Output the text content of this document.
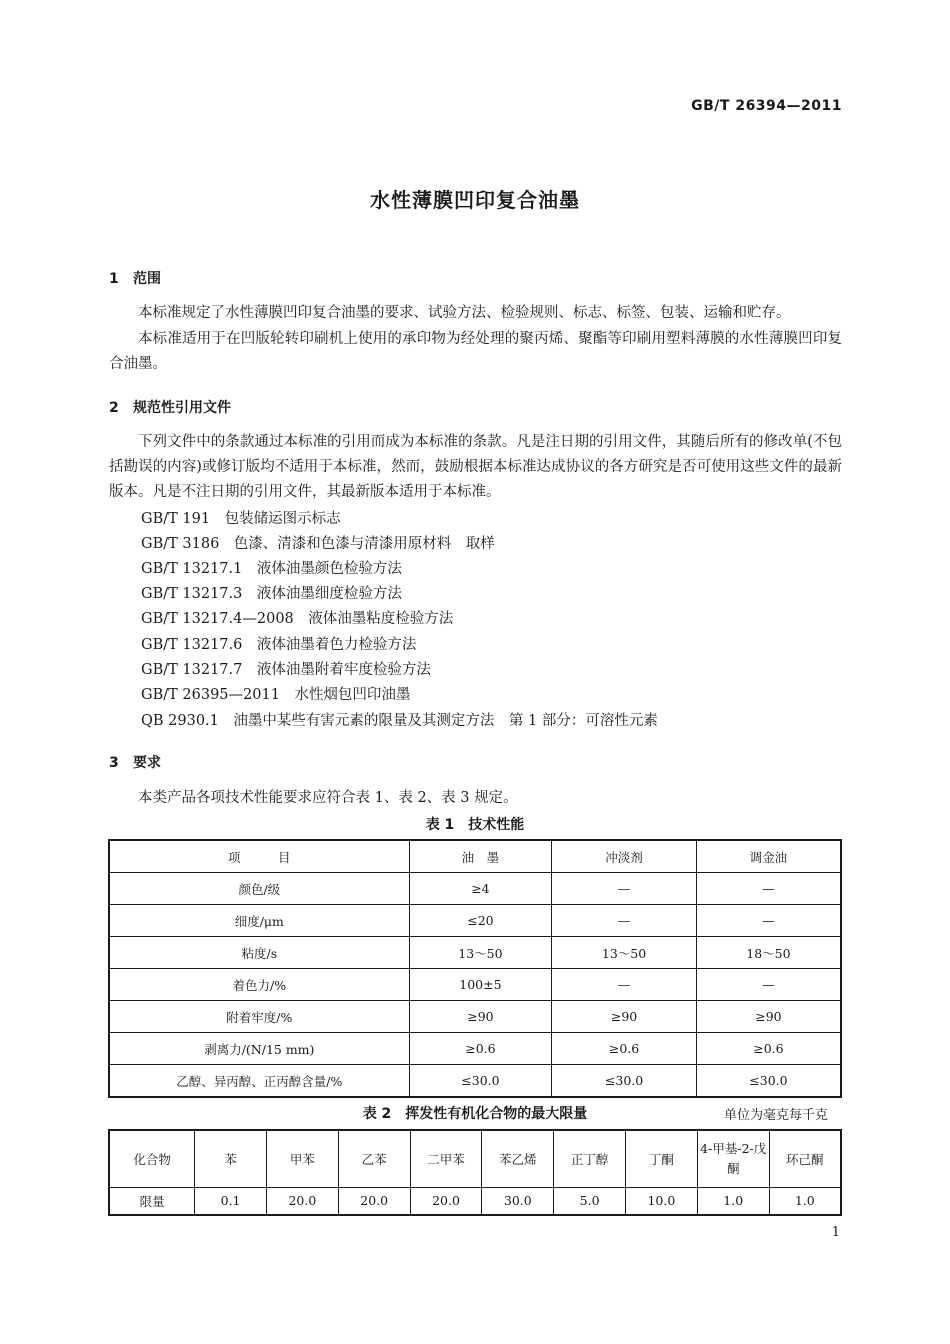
GB/T 26394—2011
水性薄膜凹印复合油墨
1 范围
本标准规定了水性薄膜凹印复合油墨的要求、试验方法、检验规则、标志、标签、包装、运输和贮存。
本标准适用于在凹版轮转印刷机上使用的承印物为经处理的聚丙烯、聚酯等印刷用塑料薄膜的水性薄膜凹印复合油墨。
2 规范性引用文件
下列文件中的条款通过本标准的引用而成为本标准的条款。凡是注日期的引用文件，其随后所有的修改单(不包括勘误的内容)或修订版均不适用于本标准，然而，鼓励根据本标准达成协议的各方研究是否可使用这些文件的最新版本。凡是不注日期的引用文件，其最新版本适用于本标准。
GB/T 191　包装储运图示标志
GB/T 3186　色漆、清漆和色漆与清漆用原材料　取样
GB/T 13217.1　液体油墨颜色检验方法
GB/T 13217.3　液体油墨细度检验方法
GB/T 13217.4—2008　液体油墨粘度检验方法
GB/T 13217.6　液体油墨着色力检验方法
GB/T 13217.7　液体油墨附着牢度检验方法
GB/T 26395—2011　水性烟包凹印油墨
QB 2930.1　油墨中某些有害元素的限量及其测定方法　第 1 部分：可溶性元素
3 要求
本类产品各项技术性能要求应符合表 1、表 2、表 3 规定。
表 1　技术性能
项　　　目	油　墨	冲淡剂	调金油
颜色/级	≥4	—	—
细度/μm	≤20	—	—
粘度/s	13～50	13～50	18～50
着色力/%	100±5	—	—
附着牢度/%	≥90	≥90	≥90
剥离力/(N/15 mm)	≥0.6	≥0.6	≥0.6
乙醇、异丙醇、正丙醇含量/%	≤30.0	≤30.0	≤30.0
表 2　挥发性有机化合物的最大限量	单位为毫克每千克
化合物	苯	甲苯	乙苯	二甲苯	苯乙烯	正丁醇	丁酮	4-甲基-2-戊酮	环己酮
限量	0.1	20.0	20.0	20.0	30.0	5.0	10.0	1.0	1.0
1
